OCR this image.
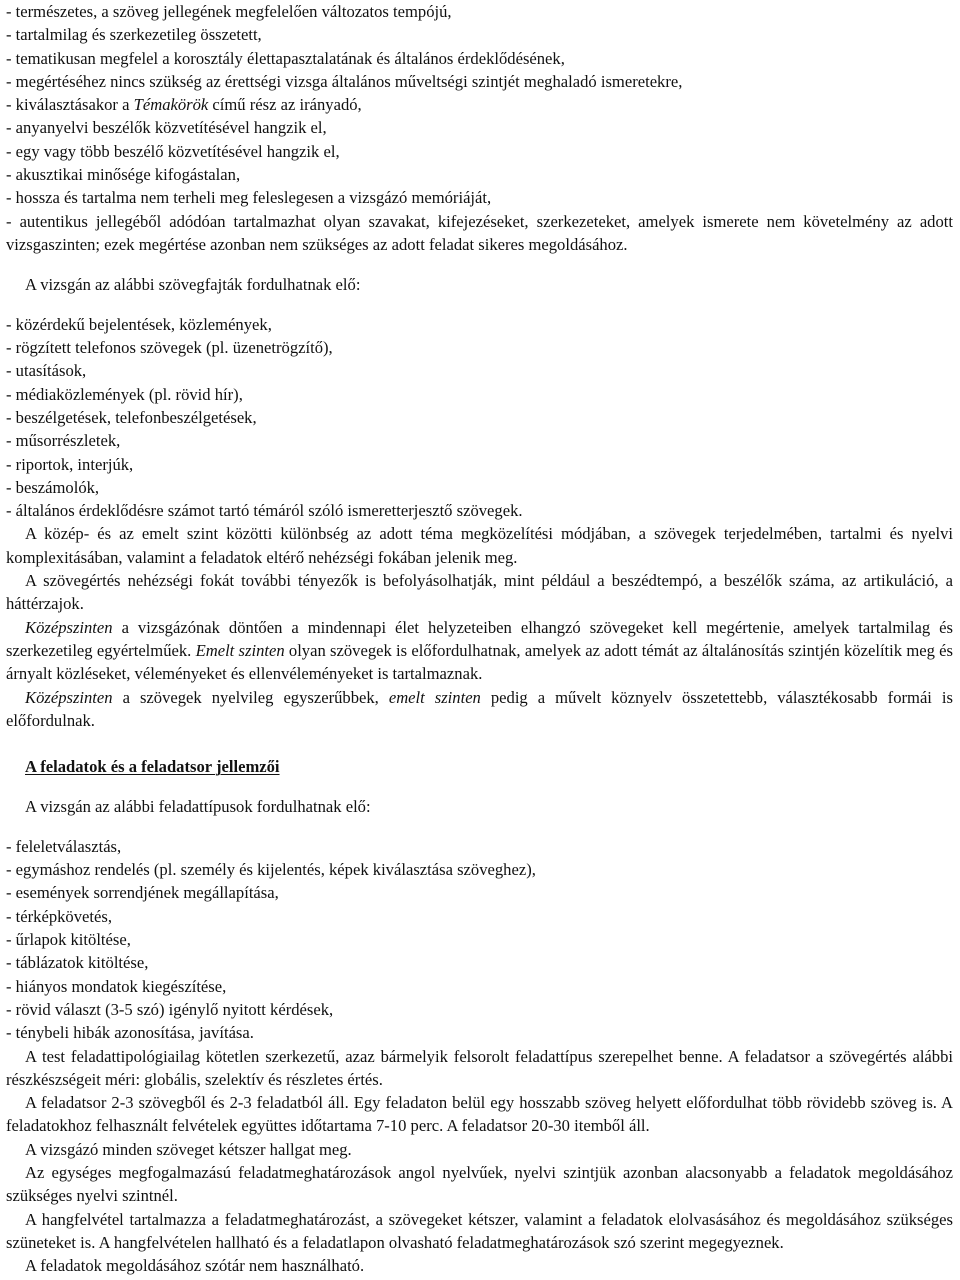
- természetes, a szöveg jellegének megfelelően változatos tempójú,

- tartalmilag és szerkezetileg összetett,

- tematikusan megfelel a korosztály élettapasztalatának és általános érdeklődésének,

- megértéséhez nincs szükség az érettségi vizsga általános műveltségi szintjét meghaladó ismeretekre,

- kiválasztásakor a Témakörök című rész az irányadó,

- anyanyelvi beszélők közvetítésével hangzik el,

- egy vagy több beszélő közvetítésével hangzik el,

- akusztikai minősége kifogástalan,

- hossza és tartalma nem terheli meg feleslegesen a vizsgázó memóriáját,

- autentikus jellegéből adódóan tartalmazhat olyan szavakat, kifejezéseket, szerkezeteket, amelyek ismerete nem követelmény az adott vizsgaszinten; ezek megértése azonban nem szükséges az adott feladat sikeres megoldásához.

A vizsgán az alábbi szövegfajták fordulhatnak elő:

- közérdekű bejelentések, közlemények,

- rögzített telefonos szövegek (pl. üzenetrögzítő),

- utasítások,

- médiaközlemények (pl. rövid hír),

- beszélgetések, telefonbeszélgetések,

- műsorrészletek,

- riportok, interjúk,

- beszámolók,

- általános érdeklődésre számot tartó témáról szóló ismeretterjesztő szövegek.

A közép- és az emelt szint közötti különbség az adott téma megközelítési módjában, a szövegek terjedelmében, tartalmi és nyelvi komplexitásában, valamint a feladatok eltérő nehézségi fokában jelenik meg.

A szövegértés nehézségi fokát további tényezők is befolyásolhatják, mint például a beszédtempó, a beszélők száma, az artikuláció, a háttérzajok.

Középszinten a vizsgázónak döntően a mindennapi élet helyzeteiben elhangzó szövegeket kell megértenie, amelyek tartalmilag és szerkezetileg egyértelműek. Emelt szinten olyan szövegek is előfordulhatnak, amelyek az adott témát az általánosítás szintjén közelítik meg és árnyalt közléseket, véleményeket és ellenvéleményeket is tartalmaznak.

Középszinten a szövegek nyelvileg egyszerűbbek, emelt szinten pedig a művelt köznyelv összetettebb, választékosabb formái is előfordulnak.

A feladatok és a feladatsor jellemzői

A vizsgán az alábbi feladattípusok fordulhatnak elő:

- feleletválasztás,

- egymáshoz rendelés (pl. személy és kijelentés, képek kiválasztása szöveghez),

- események sorrendjének megállapítása,

- térképkövetés,

- űrlapok kitöltése,

- táblázatok kitöltése,

- hiányos mondatok kiegészítése,

- rövid választ (3-5 szó) igénylő nyitott kérdések,

- ténybeli hibák azonosítása, javítása.

A test feladattipológiailag kötetlen szerkezetű, azaz bármelyik felsorolt feladattípus szerepelhet benne. A feladatsor a szövegértés alábbi részkészségeit méri: globális, szelektív és részletes értés.

A feladatsor 2-3 szövegből és 2-3 feladatból áll. Egy feladaton belül egy hosszabb szöveg helyett előfordulhat több rövidebb szöveg is. A feladatokhoz felhasznált felvételek együttes időtartama 7-10 perc. A feladatsor 20-30 itemből áll.

A vizsgázó minden szöveget kétszer hallgat meg.

Az egységes megfogalmazású feladatmeghatározások angol nyelvűek, nyelvi szintjük azonban alacsonyabb a feladatok megoldásához szükséges nyelvi szintnél.

A hangfelvétel tartalmazza a feladatmeghatározást, a szövegeket kétszer, valamint a feladatok elolvasásához és megoldásához szükséges szüneteket is. A hangfelvételen hallható és a feladatlapon olvasható feladatmeghatározások szó szerint megegyeznek.

A feladatok megoldásához szótár nem használható.
